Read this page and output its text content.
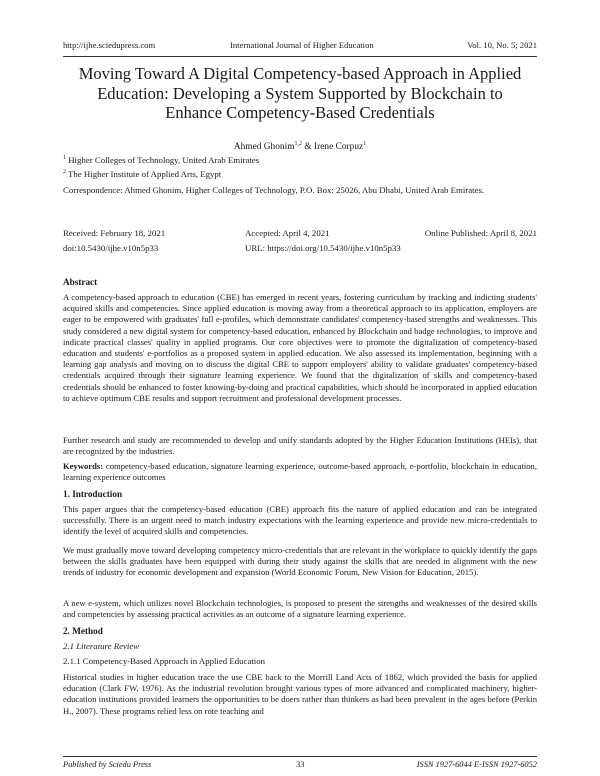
http://ijhe.sciedupress.com	International Journal of Higher Education	Vol. 10, No. 5; 2021
Moving Toward A Digital Competency-based Approach in Applied Education: Developing a System Supported by Blockchain to Enhance Competency-Based Credentials
Ahmed Ghonim$^{1,2}$ & Irene Corpuz$^1$
$^1$ Higher Colleges of Technology, United Arab Emirates
$^2$ The Higher Institute of Applied Arts, Egypt
Correspondence: Ahmed Ghonim, Higher Colleges of Technology, P.O. Box: 25026, Abu Dhabi, United Arab Emirates.
Received: February 18, 2021	Accepted: April 4, 2021	Online Published: April 8, 2021
doi:10.5430/ijhe.v10n5p33	URL: https://doi.org/10.5430/ijhe.v10n5p33
Abstract
A competency-based approach to education (CBE) has emerged in recent years, fostering curriculum by tracking and indicting students' acquired skills and competencies. Since applied education is moving away from a theoretical approach to its application, employers are eager to be empowered with graduates' full e-profiles, which demonstrate candidates' competency-based strengths and weaknesses. This study considered a new digital system for competency-based education, enhanced by Blockchain and badge technologies, to improve and indicate practical classes' quality in applied programs. Our core objectives were to promote the digitalization of competency-based education and students' e-portfolios as a proposed system in applied education. We also assessed its implementation, beginning with a learning gap analysis and moving on to discuss the digital CBE to support employers' ability to validate graduates' competency-based credentials acquired through their signature learning experience. We found that the digitalization of skills and competency-based credentials should be enhanced to foster knowing-by-doing and practical capabilities, which should be incorporated in applied education to achieve optimum CBE results and support recruitment and professional development processes.
Further research and study are recommended to develop and unify standards adopted by the Higher Education Institutions (HEIs), that are recognized by the industries.
Keywords: competency-based education, signature learning experience, outcome-based approach, e-portfolio, blockchain in education, learning experience outcomes
1. Introduction
This paper argues that the competency-based education (CBE) approach fits the nature of applied education and can be integrated successfully. There is an urgent need to match industry expectations with the learning experience and provide new micro-credentials to identify the level of acquired skills and competencies.
We must gradually move toward developing competency micro-credentials that are relevant in the workplace to quickly identify the gaps between the skills graduates have been equipped with during their study against the skills that are needed in alignment with the new trends of industry for economic development and expansion (World Economic Forum, New Vision for Education, 2015).
A new e-system, which utilizes novel Blockchain technologies, is proposed to present the strengths and weaknesses of the desired skills and competencies by assessing practical activities as an outcome of a signature learning experience.
2. Method
2.1 Literature Review
2.1.1 Competency-Based Approach in Applied Education
Historical studies in higher education trace the use CBE back to the Morrill Land Acts of 1862, which provided the basis for applied education (Clark FW, 1976). As the industrial revolution brought various types of more advanced and complicated machinery, higher-education institutions provided learners the opportunities to be doers rather than thinkers as had been prevalent in the ages before (Perkin H., 2007). These programs relied less on rote teaching and
Published by Sciedu Press	33	ISSN 1927-6044 E-ISSN 1927-6052
